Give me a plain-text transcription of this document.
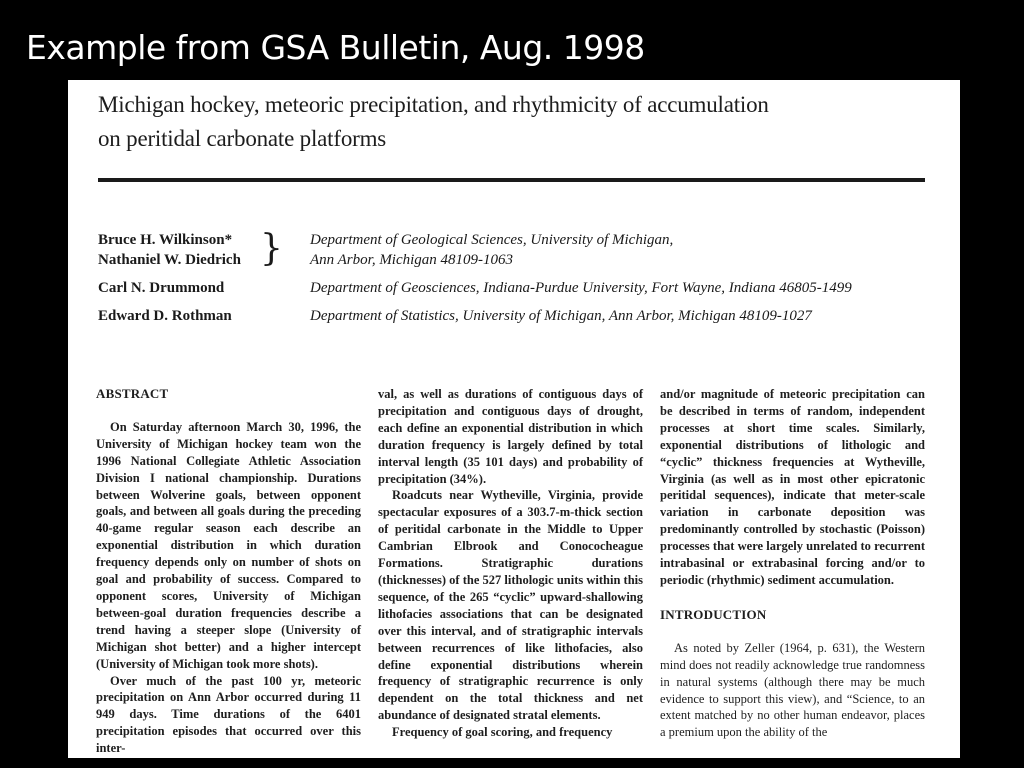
Example from GSA Bulletin, Aug. 1998
Michigan hockey, meteoric precipitation, and rhythmicity of accumulation
on peritidal carbonate platforms
Bruce H. Wilkinson*
Nathaniel W. Diedrich
Carl N. Drummond
Edward D. Rothman
} Department of Geological Sciences, University of Michigan,
Ann Arbor, Michigan 48109-1063
Department of Geosciences, Indiana-Purdue University, Fort Wayne, Indiana 46805-1499
Department of Statistics, University of Michigan, Ann Arbor, Michigan 48109-1027
ABSTRACT

On Saturday afternoon March 30, 1996, the University of Michigan hockey team won the 1996 National Collegiate Athletic Association Division I national championship. Durations between Wolverine goals, between opponent goals, and between all goals during the preceding 40-game regular season each describe an exponential distribution in which duration frequency depends only on number of shots on goal and probability of success. Compared to opponent scores, University of Michigan between-goal duration frequencies describe a trend having a steeper slope (University of Michigan shot better) and a higher intercept (University of Michigan took more shots).

Over much of the past 100 yr, meteoric precipitation on Ann Arbor occurred during 11 949 days. Time durations of the 6401 precipitation episodes that occurred over this inter-

val, as well as durations of contiguous days of precipitation and contiguous days of drought, each define an exponential distribution in which duration frequency is largely defined by total interval length (35 101 days) and probability of precipitation (34%).

Roadcuts near Wytheville, Virginia, provide spectacular exposures of a 303.7-m-thick section of peritidal carbonate in the Middle to Upper Cambrian Elbrook and Conococheague Formations. Stratigraphic durations (thicknesses) of the 527 lithologic units within this sequence, of the 265 “cyclic” upward-shallowing lithofacies associations that can be designated over this interval, and of stratigraphic intervals between recurrences of like lithofacies, also define exponential distributions wherein frequency of stratigraphic recurrence is only dependent on the total thickness and net abundance of designated stratal elements.

Frequency of goal scoring, and frequency

and/or magnitude of meteoric precipitation can be described in terms of random, independent processes at short time scales. Similarly, exponential distributions of lithologic and “cyclic” thickness frequencies at Wytheville, Virginia (as well as in most other epicratonic peritidal sequences), indicate that meter-scale variation in carbonate deposition was predominantly controlled by stochastic (Poisson) processes that were largely unrelated to recurrent intrabasinal or extrabasinal forcing and/or to periodic (rhythmic) sediment accumulation.

INTRODUCTION

As noted by Zeller (1964, p. 631), the Western mind does not readily acknowledge true randomness in natural systems (although there may be much evidence to support this view), and “Science, to an extent matched by no other human endeavor, places a premium upon the ability of the
